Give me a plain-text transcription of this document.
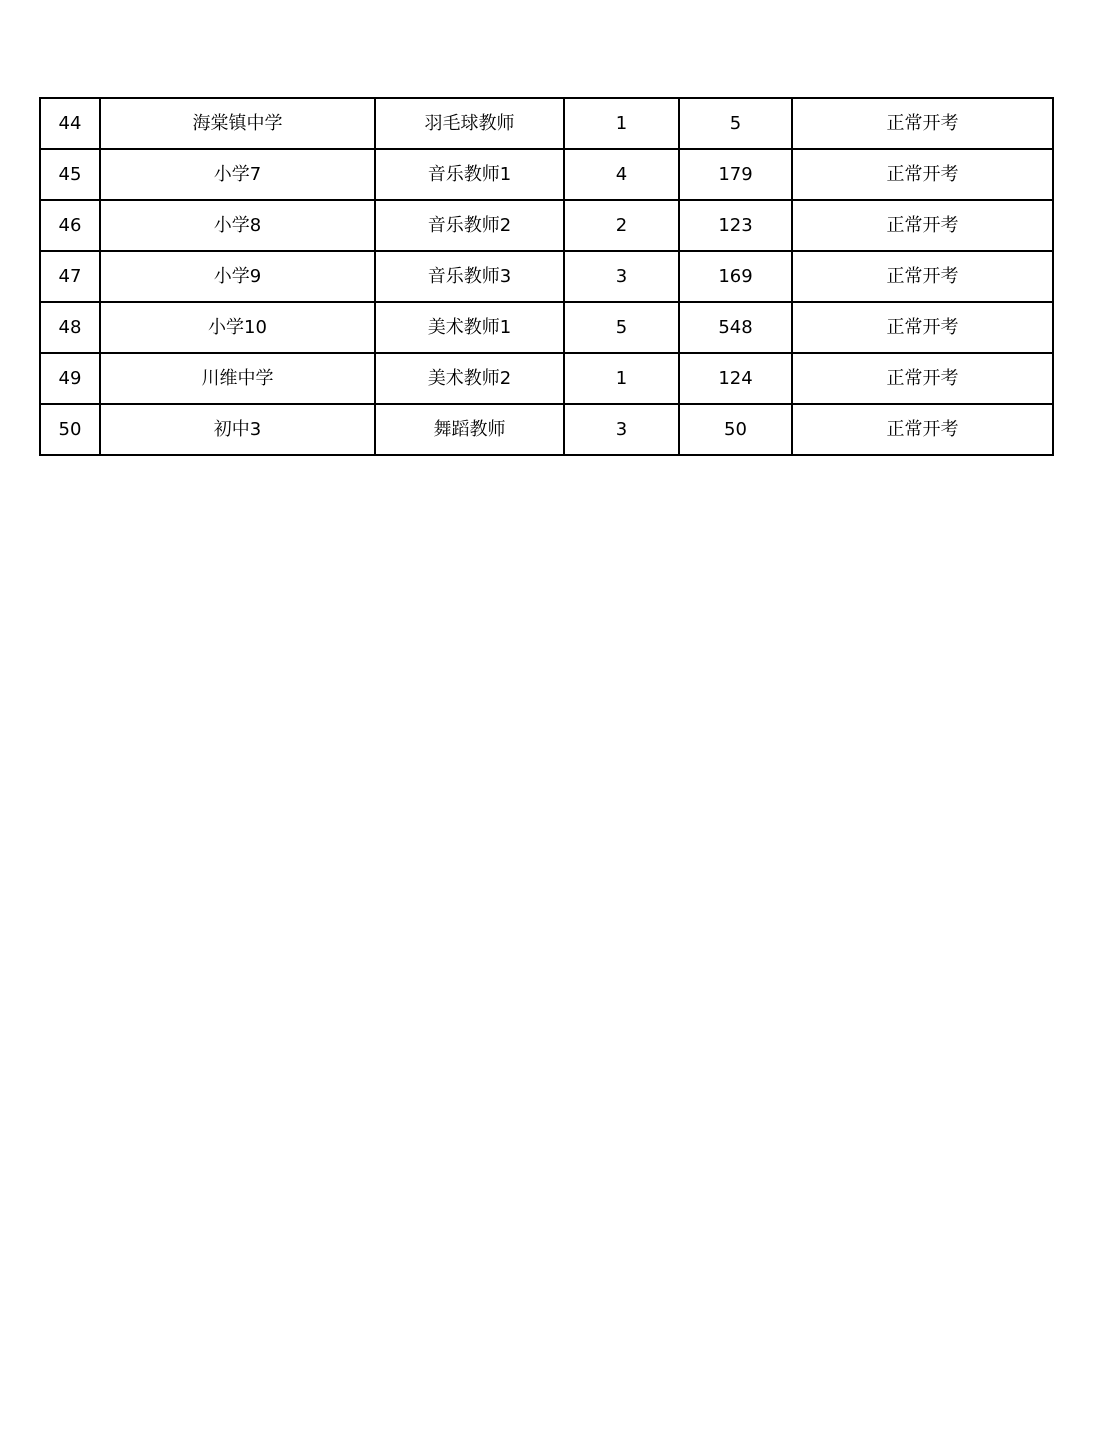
44	海棠镇中学	羽毛球教师	1	5	正常开考
45	小学7	音乐教师1	4	179	正常开考
46	小学8	音乐教师2	2	123	正常开考
47	小学9	音乐教师3	3	169	正常开考
48	小学10	美术教师1	5	548	正常开考
49	川维中学	美术教师2	1	124	正常开考
50	初中3	舞蹈教师	3	50	正常开考
